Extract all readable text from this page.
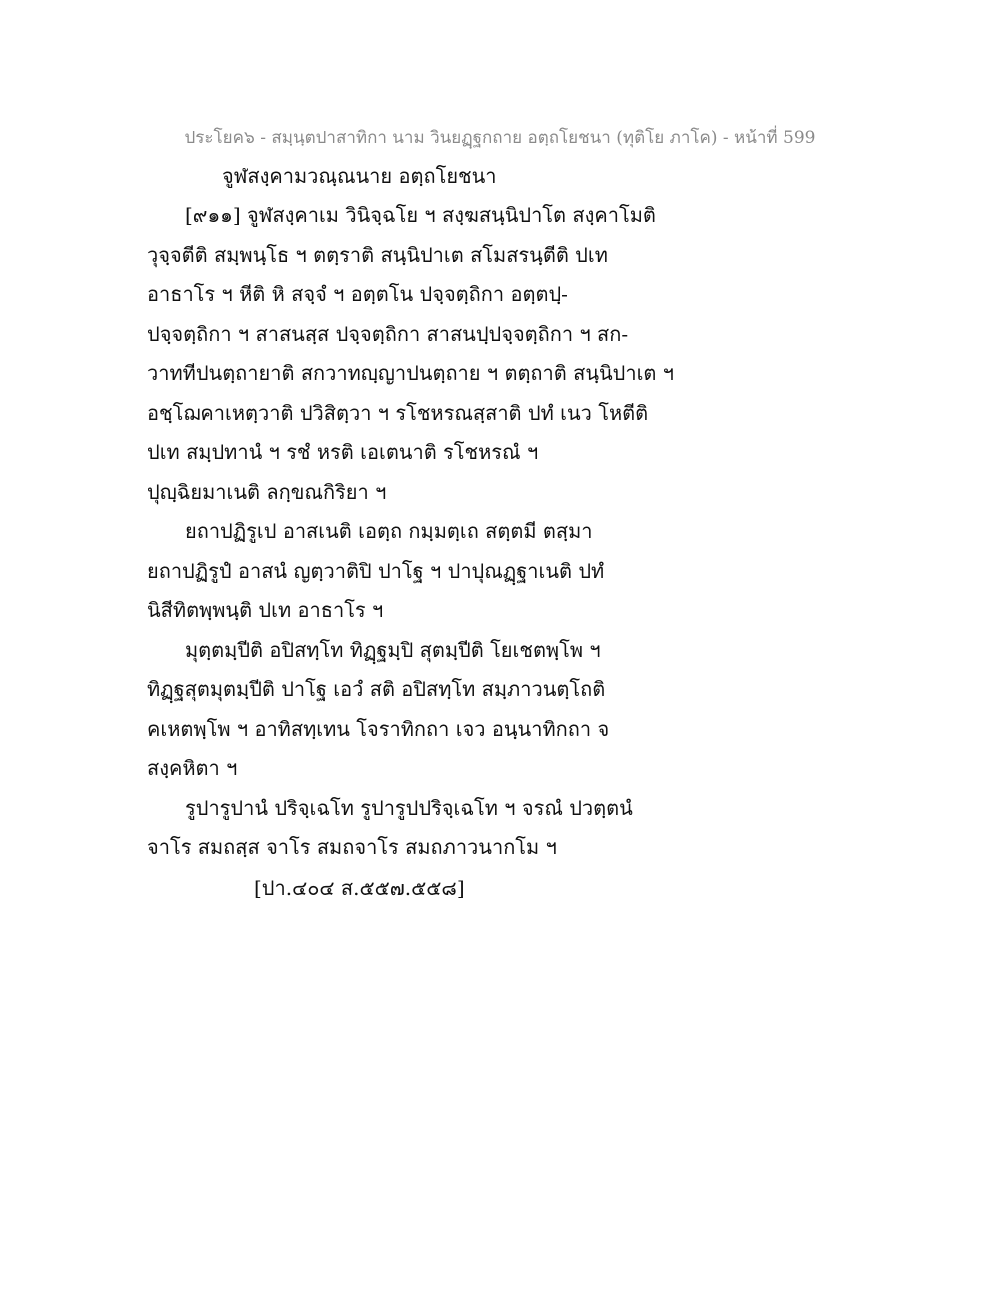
ประโยค๖ - สมฺนฺตปาสาทิกา นาม วินยฏฺฐกถาย อตฺถโยชนา (ทุติโย ภาโค) - หน้าที่ 599
จูฬสงฺคามวณฺณนาย อตฺถโยชนา
[๙๑๑] จูฬสงฺคาเม วินิจฺฉโย ฯ สงฺฆสนฺนิปาโต สงฺคาโมติ
วุจฺจตีติ สมฺพนฺโธ ฯ ตตฺราติ สนฺนิปาเต สโมสรนฺตีติ ปเท
อาธาโร ฯ หีติ หิ สจฺจํ ฯ อตฺตโน ปจฺจตฺถิกา อตฺตปฺ-
ปจฺจตฺถิกา ฯ สาสนสฺส ปจฺจตฺถิกา สาสนปฺปจฺจตฺถิกา ฯ สก-
วาททีปนตฺถายาติ สกวาทญฺญาปนตฺถาย ฯ ตตฺถาติ สนฺนิปาเต ฯ
อชฺโฌคาเหตฺวาติ ปวิสิตฺวา ฯ รโชหรณสฺสาติ ปทํ เนว โหตีติ
ปเท สมฺปทานํ ฯ รชํ หรติ เอเตนาติ รโชหรณํ ฯ
ปุญฺฉิยมาเนติ ลกฺขณกิริยา ฯ
ยถาปฏิรูเป อาสเนติ เอตฺถ กมฺมตฺเถ สตฺตมี ตสฺมา
ยถาปฏิรูปํ อาสนํ ญตฺวาติปิ ปาโฐ ฯ ปาปุณฏฺฐาเนติ ปทํ
นิสีทิตพฺพนฺติ ปเท อาธาโร ฯ
มุตฺตมฺปีติ อปิสทฺโท ทิฏฺฐมฺปิ สุตมฺปีติ โยเชตพฺโพ ฯ
ทิฏฺฐสุตมุตมฺปีติ ปาโฐ เอวํ สติ อปิสทฺโท สมฺภาวนตฺโถติ
คเหตพฺโพ ฯ อาทิสทฺเทน โจราทิกถา เจว อนฺนาทิกถา จ
สงฺคหิตา ฯ
รูปารูปานํ ปริจฺเฉโท รูปารูปปริจฺเฉโท ฯ จรณํ ปวตฺตนํ
จาโร สมถสฺส จาโร สมถจาโร สมถภาวนากโม ฯ
[ปา.๔๐๔ ส.๕๕๗.๕๕๘]
